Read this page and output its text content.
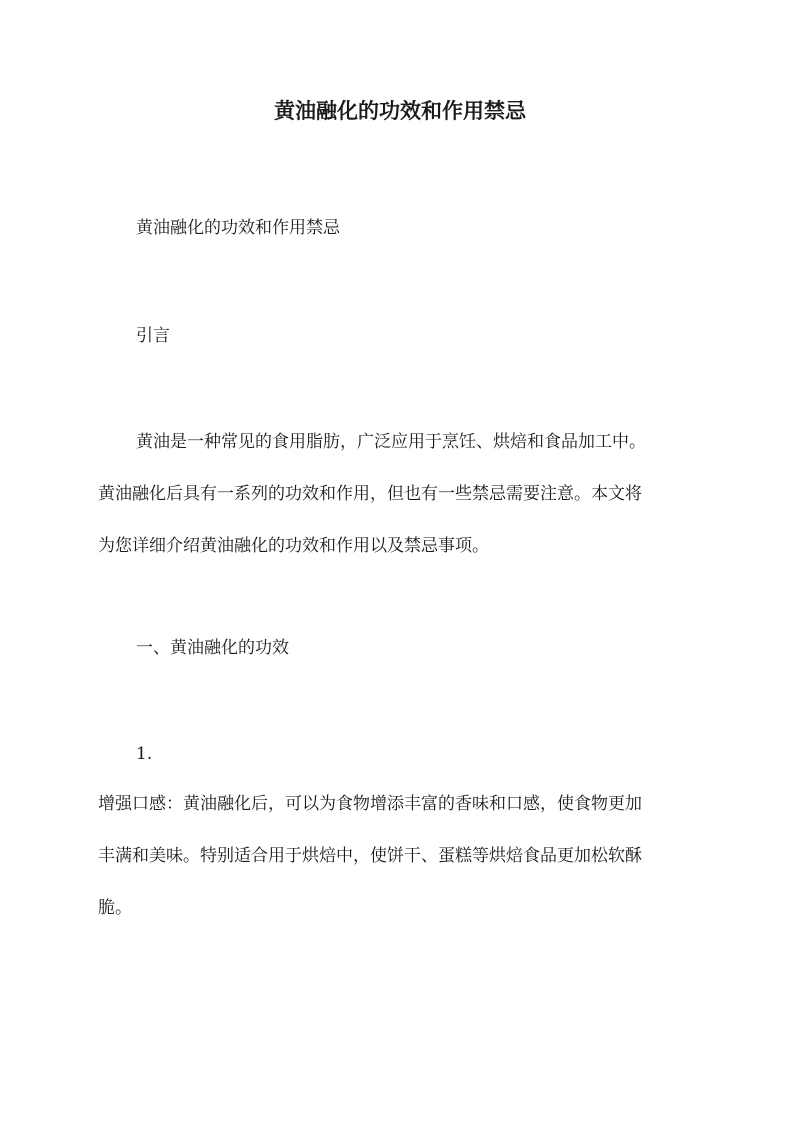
黄油融化的功效和作用禁忌
黄油融化的功效和作用禁忌
引言
黄油是一种常见的食用脂肪，广泛应用于烹饪、烘焙和食品加工中。
黄油融化后具有一系列的功效和作用，但也有一些禁忌需要注意。本文将
为您详细介绍黄油融化的功效和作用以及禁忌事项。
一、黄油融化的功效
1.
增强口感：黄油融化后，可以为食物增添丰富的香味和口感，使食物更加
丰满和美味。特别适合用于烘焙中，使饼干、蛋糕等烘焙食品更加松软酥
脆。
